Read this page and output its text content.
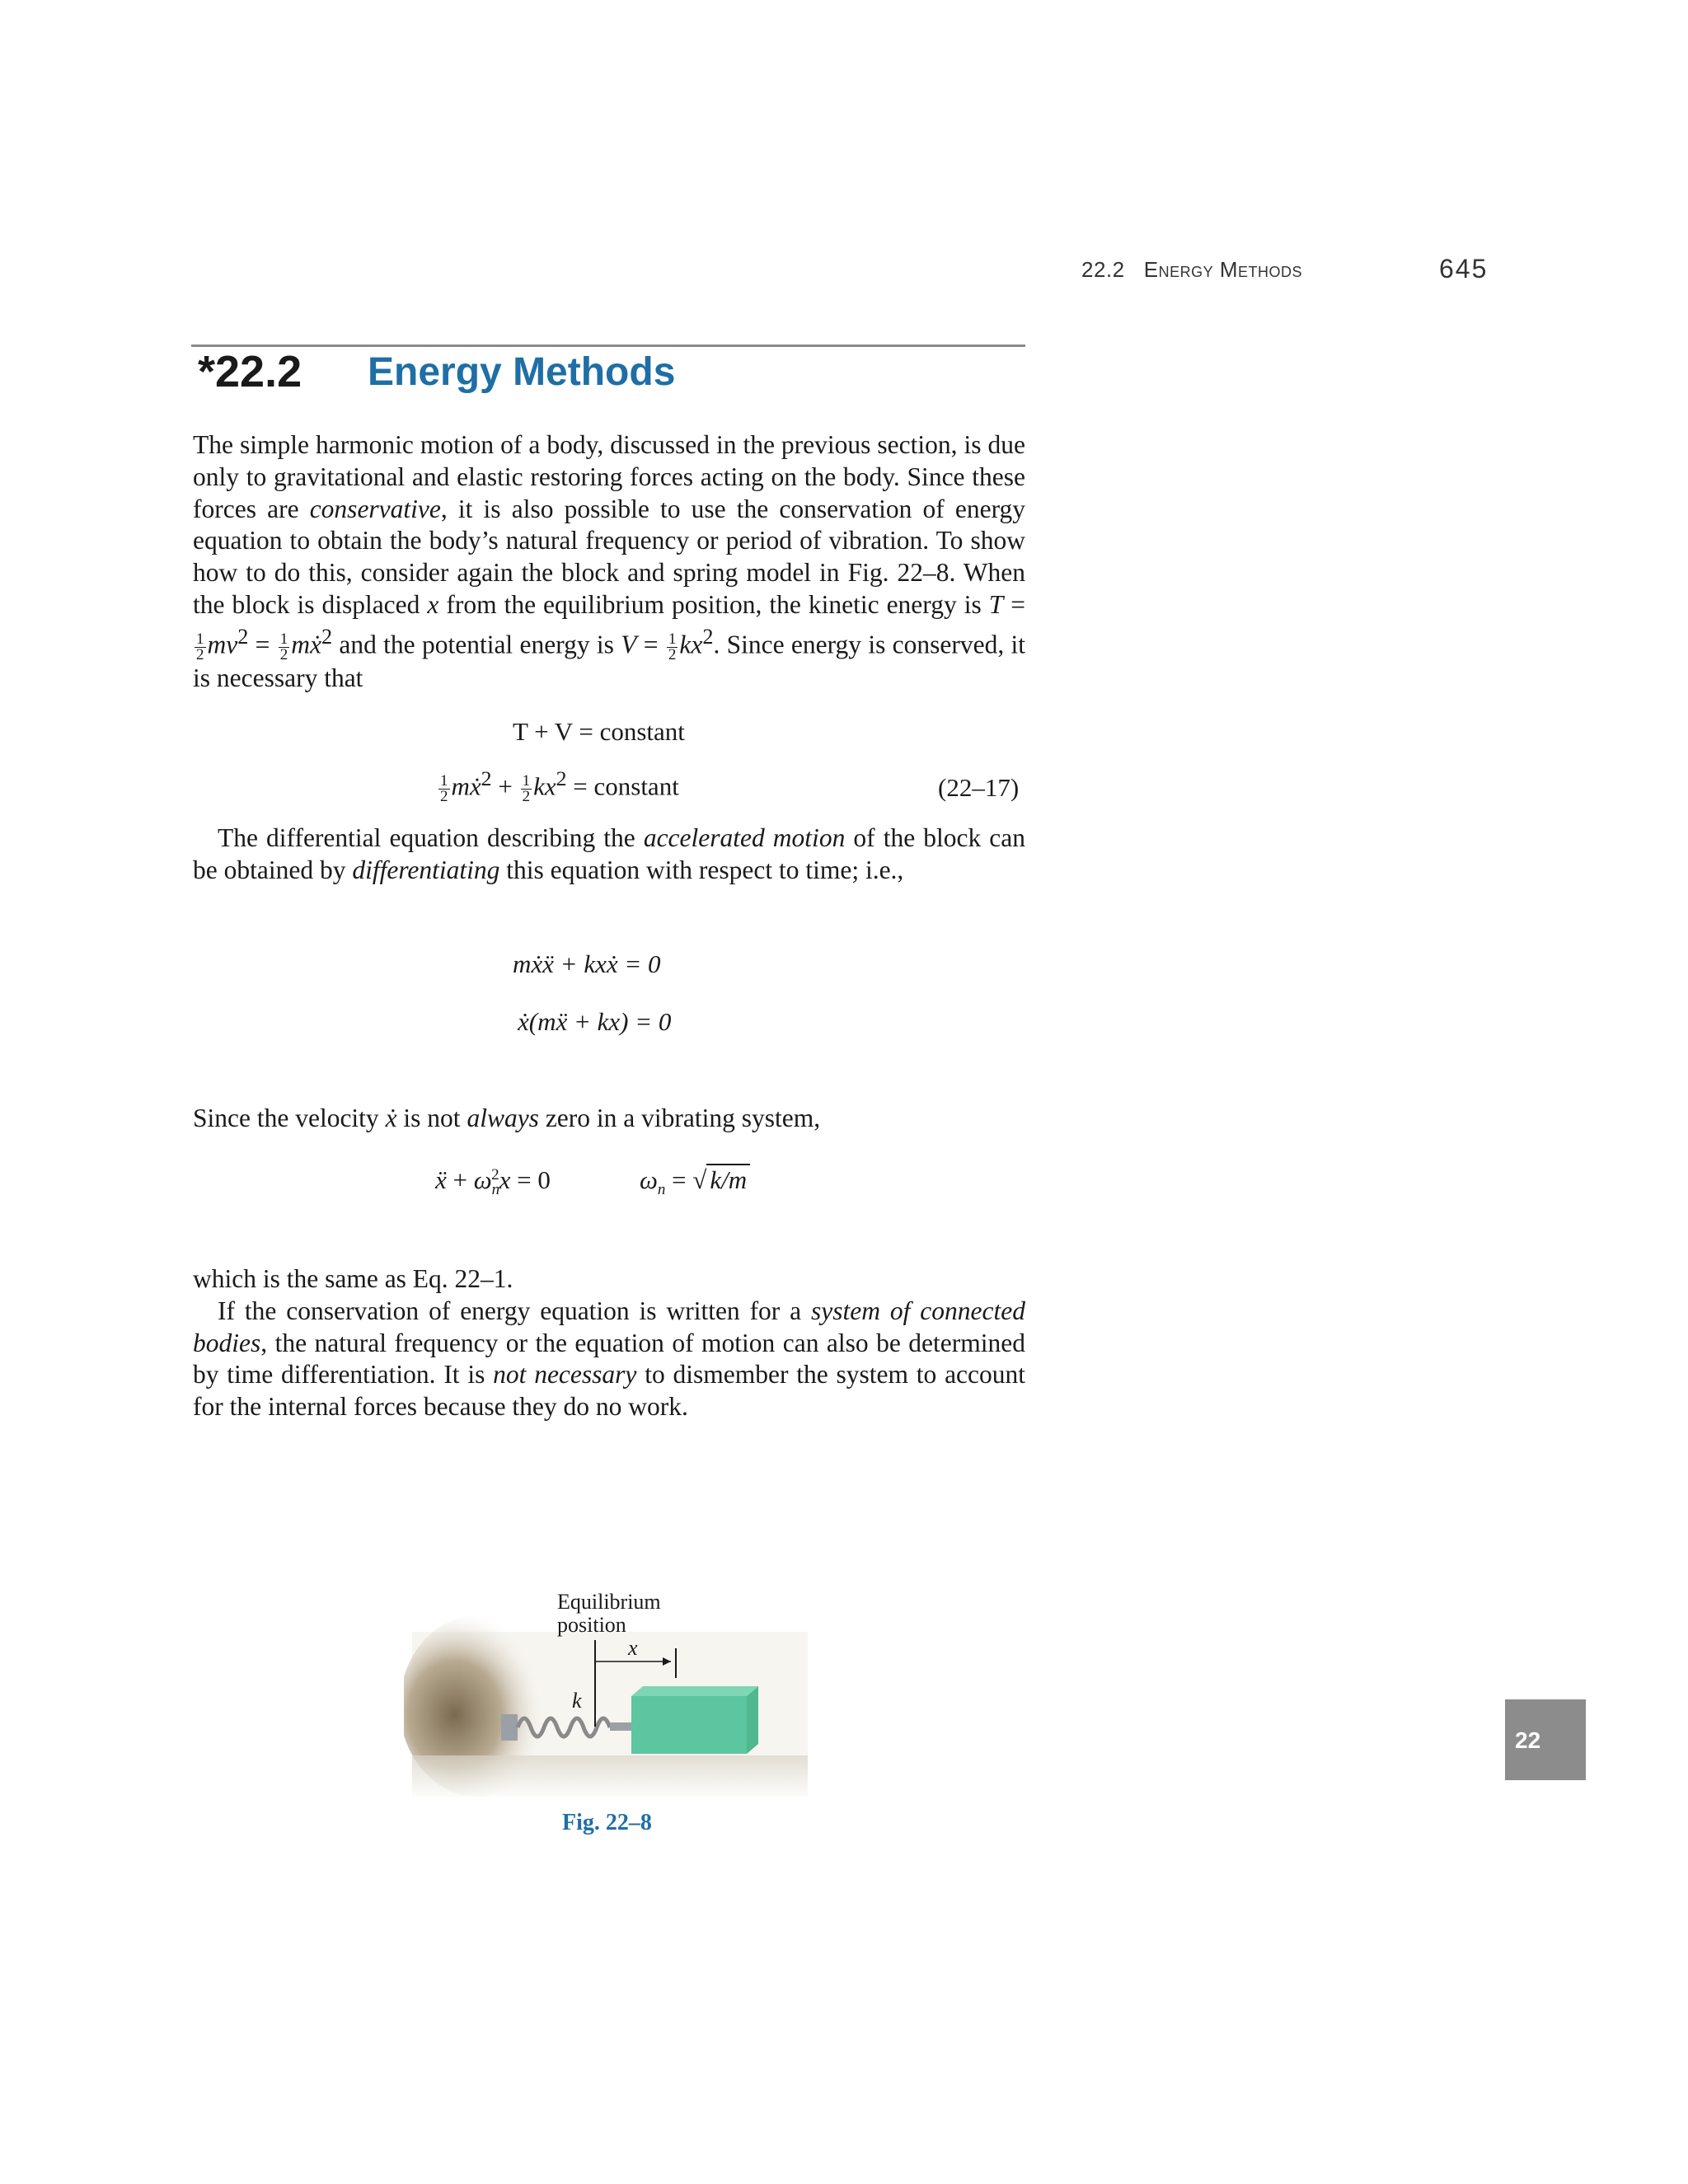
22.2 Energy Methods	645
*22.2 Energy Methods
The simple harmonic motion of a body, discussed in the previous section, is due only to gravitational and elastic restoring forces acting on the body. Since these forces are conservative, it is also possible to use the conservation of energy equation to obtain the body’s natural frequency or period of vibration. To show how to do this, consider again the block and spring model in Fig. 22–8. When the block is displaced x from the equilibrium position, the kinetic energy is T =
$\frac{1}{2} mv^2 = \frac{1}{2}$ mẋ$^2$ and the potential energy is $V = \frac{1}{2} kx^2$. Since energy is conserved, it is necessary that
T + V = constant
$\frac{1}{2}$ mẋ$^2$ + $\frac{1}{2} kx^2$ = constant	(22–17)
The differential equation describing the accelerated motion of the block can be obtained by differentiating this equation with respect to time; i.e.,
mẋẍ + kxẋ = 0
ẋ(mẍ + kx) = 0
Since the velocity ẋ is not always zero in a vibrating system,
ẍ + $\omega_n^2x = 0$	$\omega_n$ = √ k/m
which is the same as Eq. 22–1.
If the conservation of energy equation is written for a system of connected bodies, the natural frequency or the equation of motion can also be determined by time differentiation. It is not necessary to dismember the system to account for the internal forces because they do no work.
Equilibrium
position
x
k
Fig. 22–8
22
